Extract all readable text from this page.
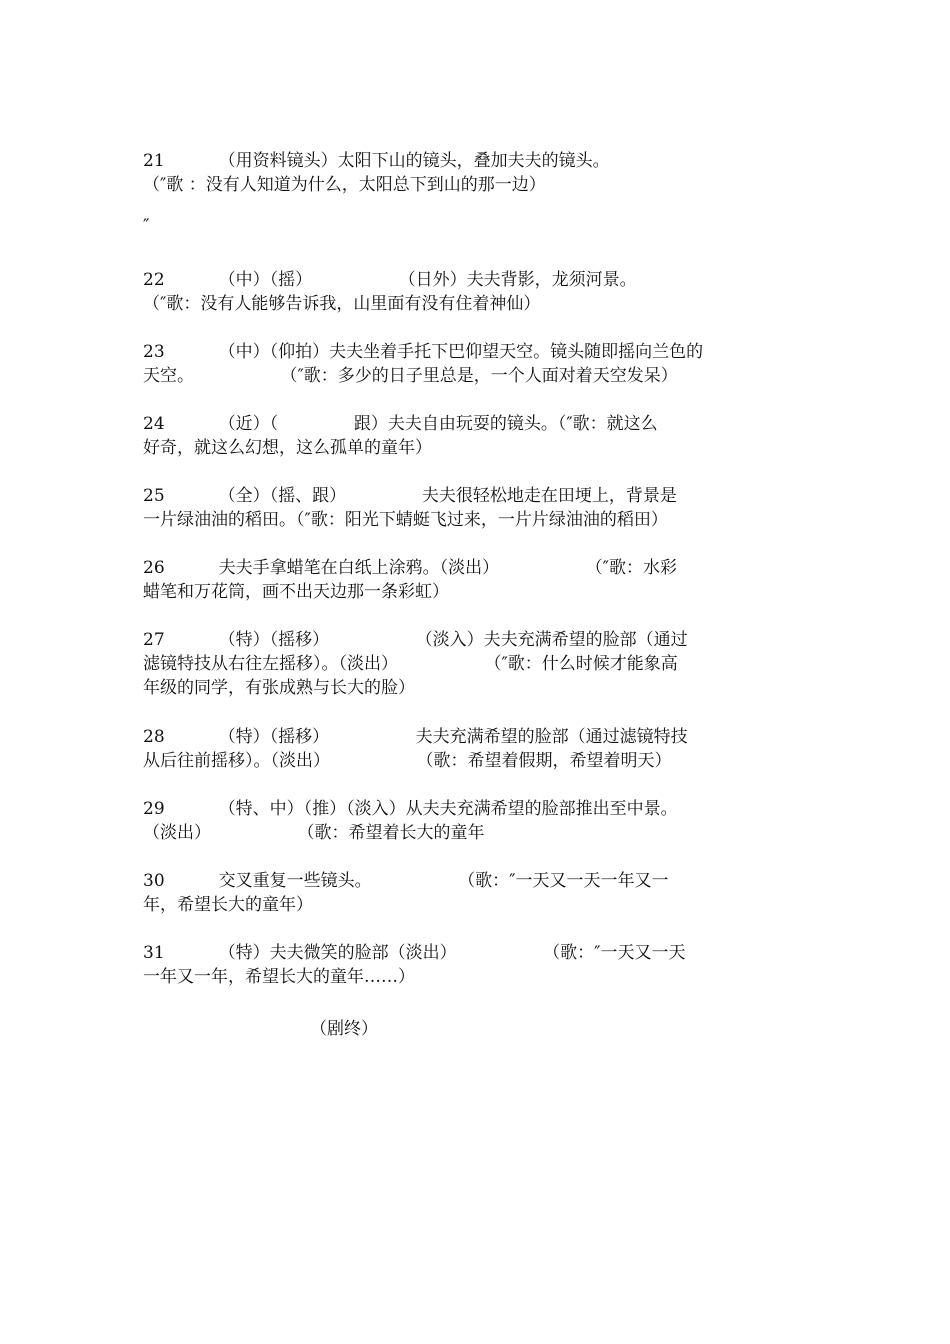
21          （用资料镜头）太阳下山的镜头，叠加夫夫的镜头。
（″歌 ：没有人知道为什么，太阳总下到山的那一边）
″
22          （中）（摇）                （日外）夫夫背影，龙须河景。
（″歌：没有人能够告诉我，山里面有没有住着神仙）
23          （中）（仰拍）夫夫坐着手托下巴仰望天空。镜头随即摇向兰色的
天空。                （″歌：多少的日子里总是，一个人面对着天空发呆）
24          （近）（              跟）夫夫自由玩耍的镜头。（″歌：就这么
好奇，就这么幻想，这么孤单的童年）
25          （全）（摇、跟）              夫夫很轻松地走在田埂上，背景是
一片绿油油的稻田。（″歌：阳光下蜻蜓飞过来，一片片绿油油的稻田）
26          夫夫手拿蜡笔在白纸上涂鸦。（淡出）                （″歌：水彩
蜡笔和万花筒，画不出天边那一条彩虹）
27          （特）（摇移）                （淡入）夫夫充满希望的脸部（通过
滤镜特技从右往左摇移）。（淡出）                （″歌：什么时候才能象高
年级的同学，有张成熟与长大的脸）
28          （特）（摇移）                夫夫充满希望的脸部（通过滤镜特技
从后往前摇移）。（淡出）                （歌：希望着假期，希望着明天）
29          （特、中）（推）（淡入）从夫夫充满希望的脸部推出至中景。
（淡出）                （歌：希望着长大的童年
30          交叉重复一些镜头。                （歌：″一天又一天一年又一
年，希望长大的童年）
31          （特）夫夫微笑的脸部（淡出）                （歌：″一天又一天
一年又一年，希望长大的童年……）
（剧终）
